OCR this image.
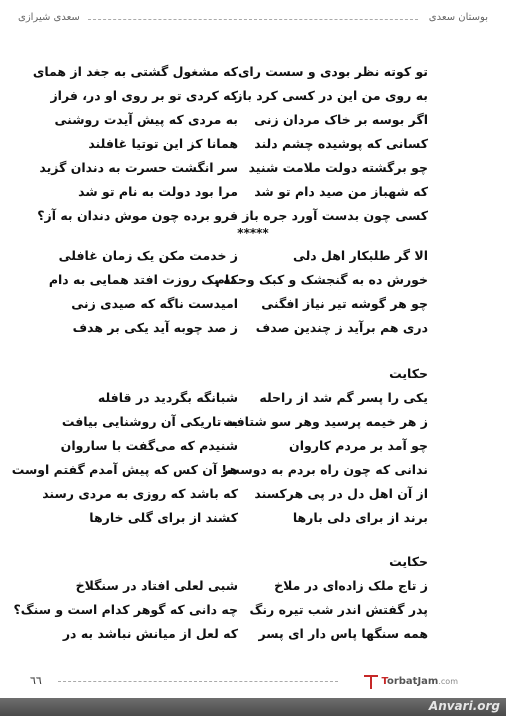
بوستان سعدی
سعدی شیرازی
تو کوته نظر بودی و سست رای
که مشغول گشتی به جغد از همای
به روی من این در کسی کرد باز
که کردی تو بر روی او در، فراز
اگر بوسه بر خاک مردان زنی
به مردی که پیش آیدت روشنی
کسانی که پوشیده چشم دلند
همانا کز این توتیا غافلند
چو برگشته دولت ملامت شنید
سر انگشت حسرت به دندان گزید
که شهباز من صید دام تو شد
مرا بود دولت به نام تو شد
کسی چون بدست آورد جره باز
فرو برده چون موش دندان به آز؟
*****
الا گر طلبکار اهل دلی
ز خدمت مکن یک زمان غافلی
خورش ده به گنجشک و کبک وحمام
که یک روزت افتد همایی به دام
چو هر گوشه تیر نیاز افگنی
امیدست ناگه که صیدی زنی
دری هم برآید ز چندین صدف
ز صد چوبه آید یکی بر هدف
حکایت
یکی را پسر گم شد از راحله
شبانگه بگردید در قافله
ز هر خیمه پرسید وهر سو شتافت
به تاریکی آن روشنایی بیافت
چو آمد بر مردم کاروان
شنیدم که می‌گفت با ساروان
ندانی که چون راه بردم به دوست!
هر آن کس که پیش آمدم گفتم اوست
از آن اهل دل در پی هرکسند
که باشد که روزی به مردی رسند
برند از برای دلی بارها
کشند از برای گلی خارها
حکایت
ز تاج ملک زاده‌ای در ملاخ
شبی لعلی افتاد در سنگلاخ
پدر گفتش اندر شب تیره رنگ
چه دانی که گوهر کدام است و سنگ؟
همه سنگها پاس دار ای پسر
که لعل از میانش نباشد به در
٦٦	TorbatJam.com
Anvari.org
